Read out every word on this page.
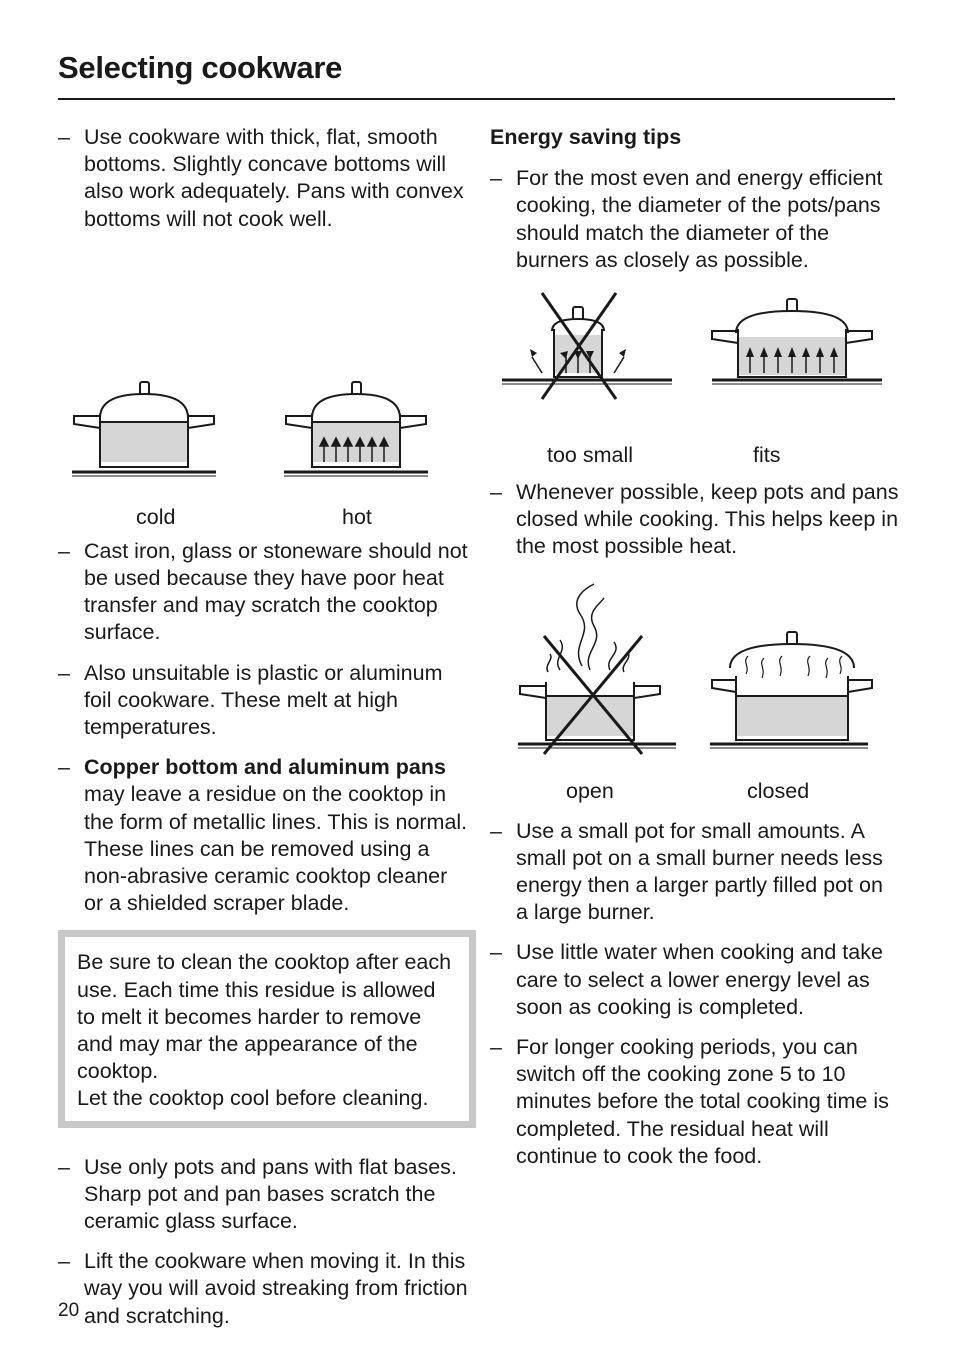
Selecting cookware
– Use cookware with thick, flat, smooth bottoms. Slightly concave bottoms will also work adequately. Pans with convex bottoms will not cook well.
cold	hot
– Cast iron, glass or stoneware should not be used because they have poor heat transfer and may scratch the cooktop surface.
– Also unsuitable is plastic or aluminum foil cookware. These melt at high temperatures.
– Copper bottom and aluminum pans may leave a residue on the cooktop in the form of metallic lines. This is normal. These lines can be removed using a non-abrasive ceramic cooktop cleaner or a shielded scraper blade.

Be sure to clean the cooktop after each use. Each time this residue is allowed to melt it becomes harder to remove and may mar the appearance of the cooktop.

Let the cooktop cool before cleaning.

– Use only pots and pans with flat bases. Sharp pot and pan bases scratch the ceramic glass surface.
– Lift the cookware when moving it. In this way you will avoid streaking from friction and scratching.
Energy saving tips
– For the most even and energy efficient cooking, the diameter of the pots/pans should match the diameter of the burners as closely as possible.
too small	fits
– Whenever possible, keep pots and pans closed while cooking. This helps keep in the most possible heat.
open	closed
– Use a small pot for small amounts. A small pot on a small burner needs less energy then a larger partly filled pot on a large burner.
– Use little water when cooking and take care to select a lower energy level as soon as cooking is completed.
– For longer cooking periods, you can switch off the cooking zone 5 to 10 minutes before the total cooking time is completed. The residual heat will continue to cook the food.
20
